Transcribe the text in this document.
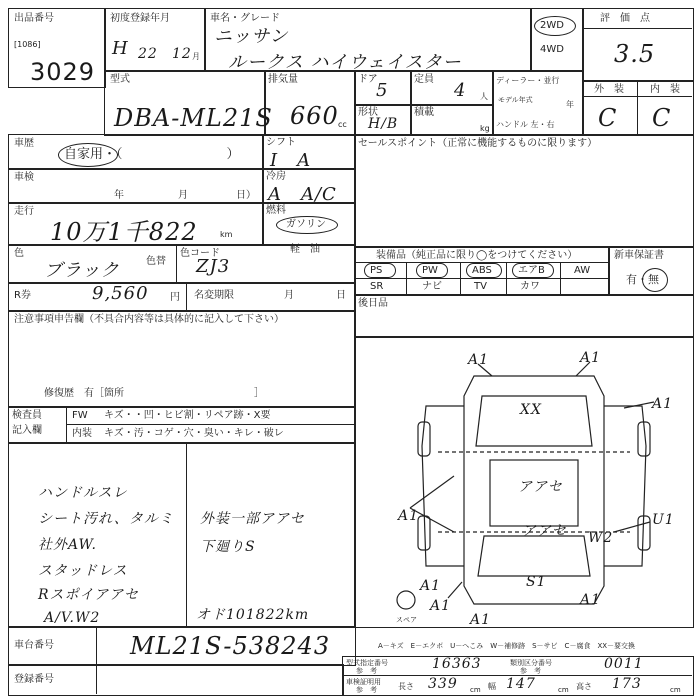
出品番号
[1086]
3029
初度登録年月
H 22 12 月
車名・グレード
ニッサン
ルークス ハイウェイスター
2WD
4WD
評　価　点
3.5
型式
DBA-ML21S
排気量
660 cc
ドア
5
定員
4 人
形状
H/B
積載
kg
ディーラー・並行
モデル年式	年
ハンドル 左・右
外　装	内　装
C C
車歴
自家用・（　　　　　　　　）
シフト
I　A
車検
年	月	日）
冷房
A　A/C
走行
10万1千822	km
燃料
ガソリン
軽　油
色
ブラック	色替
色コード
ZJ3
R券	9,560 円 名変期限	月	日
注意事項申告欄（不具合内容等は具体的に記入して下さい）
修復歴　有［箇所　　　　　　　　　　　　　］
検査員
記入欄
FW キズ・・凹・ヒビ割・リペア跡・X要
内装 キズ・汚・コゲ・穴・臭い・キレ・破レ
ハンドルスレ
シート汚れ、タルミ
社外AW.
スタッドレス
Rスポイアアセ
A/V.W2
外装一部アアセ
下廻りS
オド101822km
セールスポイント（正常に機能するものに限ります）
装備品（純正品に限り◯をつけてください）
PS	PW	ABS	エアB	AW
SR	ナビ	TV	カワ
新車保証書
有・無
後日品
A1	A1
A1
A1
A1
A1
XX
アアセ
アアセ
U1
W2
S1
A1
A1
スペア
A－キズ　E－エクボ　U－へこみ　W－補修跡　S－サビ　C－腐食　XX－要交換
車台番号	ML21S-538243
登録番号
型式指定番号
参　考	16363	類別区分番号
参　考	0011
車検証明用
参　考	長さ 339 cm 幅 147	cm 高さ 173	cm
